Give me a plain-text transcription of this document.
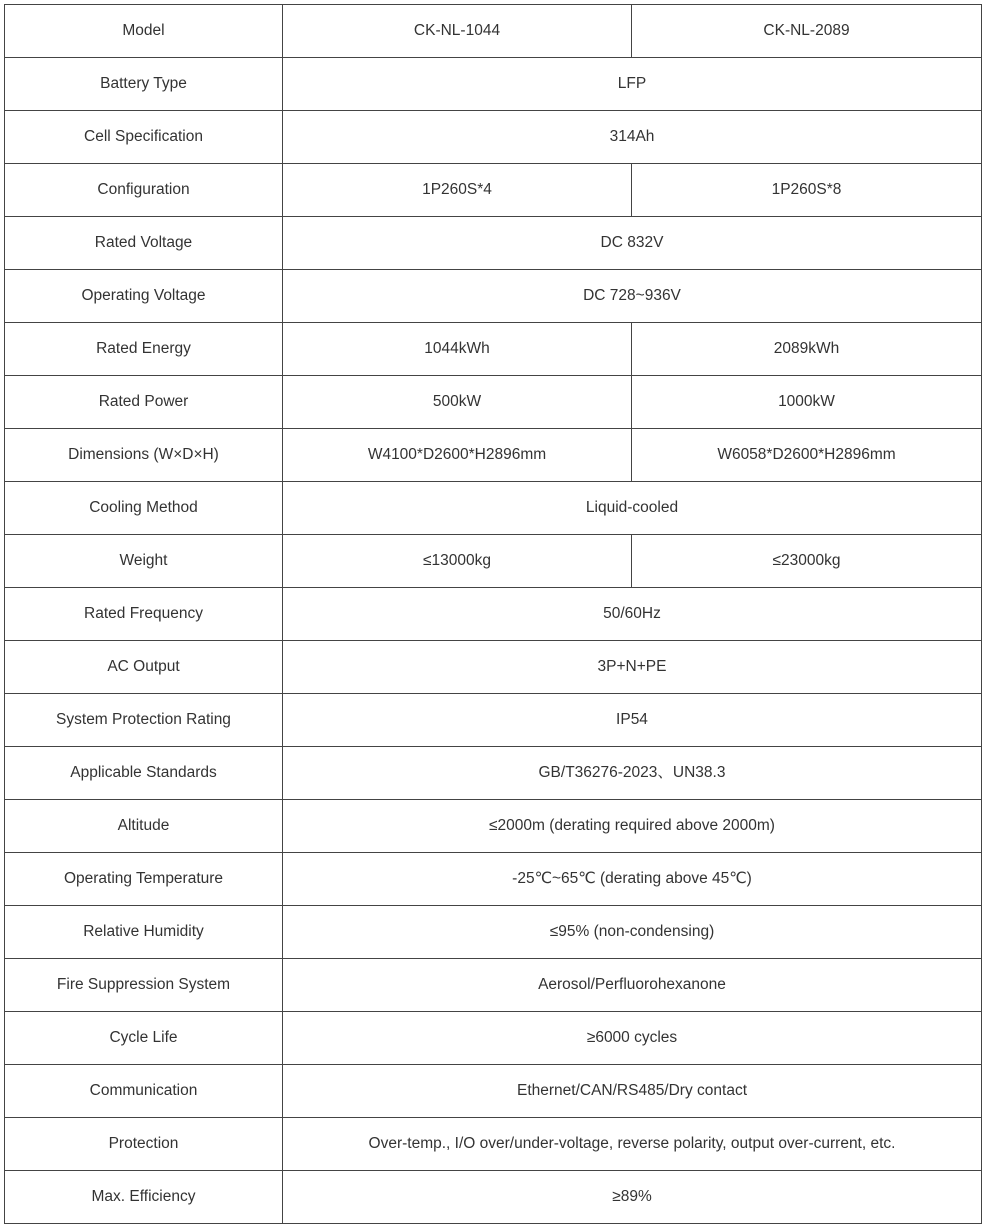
Model	CK-NL-1044	CK-NL-2089
Battery Type	LFP	
Cell Specification	314Ah	
Configuration	1P260S*4	1P260S*8
Rated Voltage	DC 832V	
Operating Voltage	DC 728~936V	
Rated Energy	1044kWh	2089kWh
Rated Power	500kW	1000kW
Dimensions (W×D×H)	W4100*D2600*H2896mm	W6058*D2600*H2896mm
Cooling Method	Liquid-cooled	
Weight	≤13000kg	≤23000kg
Rated Frequency	50/60Hz	
AC Output	3P+N+PE	
System Protection Rating	IP54	
Applicable Standards	GB/T36276-2023、UN38.3	
Altitude	≤2000m (derating required above 2000m)	
Operating Temperature	-25℃~65℃ (derating above 45℃)	
Relative Humidity	≤95% (non-condensing)	
Fire Suppression System	Aerosol/Perfluorohexanone	
Cycle Life	≥6000 cycles	
Communication	Ethernet/CAN/RS485/Dry contact	
Protection	Over-temp., I/O over/under-voltage, reverse polarity, output over-current, etc.	
Max. Efficiency	≥89%	
